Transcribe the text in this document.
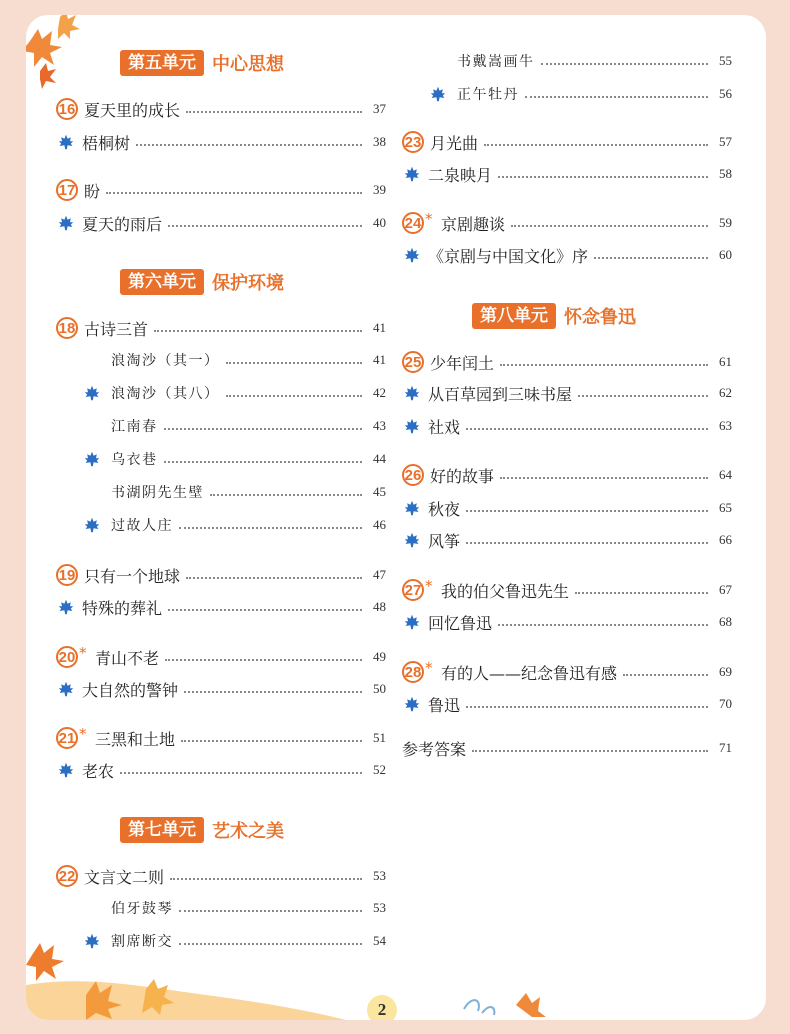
第五单元 中心思想
第六单元 保护环境
第七单元 艺术之美
16 夏天里的成长	37
梧桐树	38
17 盼	39
夏天的雨后	40
18 古诗三首	41
浪淘沙（其一）	41
浪淘沙（其八）	42
江南春	43
乌衣巷	44
书湖阴先生壁	45
过故人庄	46
19 只有一个地球	47
特殊的葬礼	48
20 * 青山不老	49
大自然的警钟	50
21 * 三黑和土地	51
老农	52
22 文言文二则	53
伯牙鼓琴	53
割席断交	54
第八单元 怀念鲁迅
书戴嵩画牛	55
正午牡丹	56
23 月光曲	57
二泉映月	58
24 * 京剧趣谈	59
《京剧与中国文化》序	60
25 少年闰土	61
从百草园到三味书屋	62
社戏	63
26 好的故事	64
秋夜	65
风筝	66
27 * 我的伯父鲁迅先生	67
回忆鲁迅	68
28 * 有的人——纪念鲁迅有感	69
鲁迅	70
参考答案	71
2
